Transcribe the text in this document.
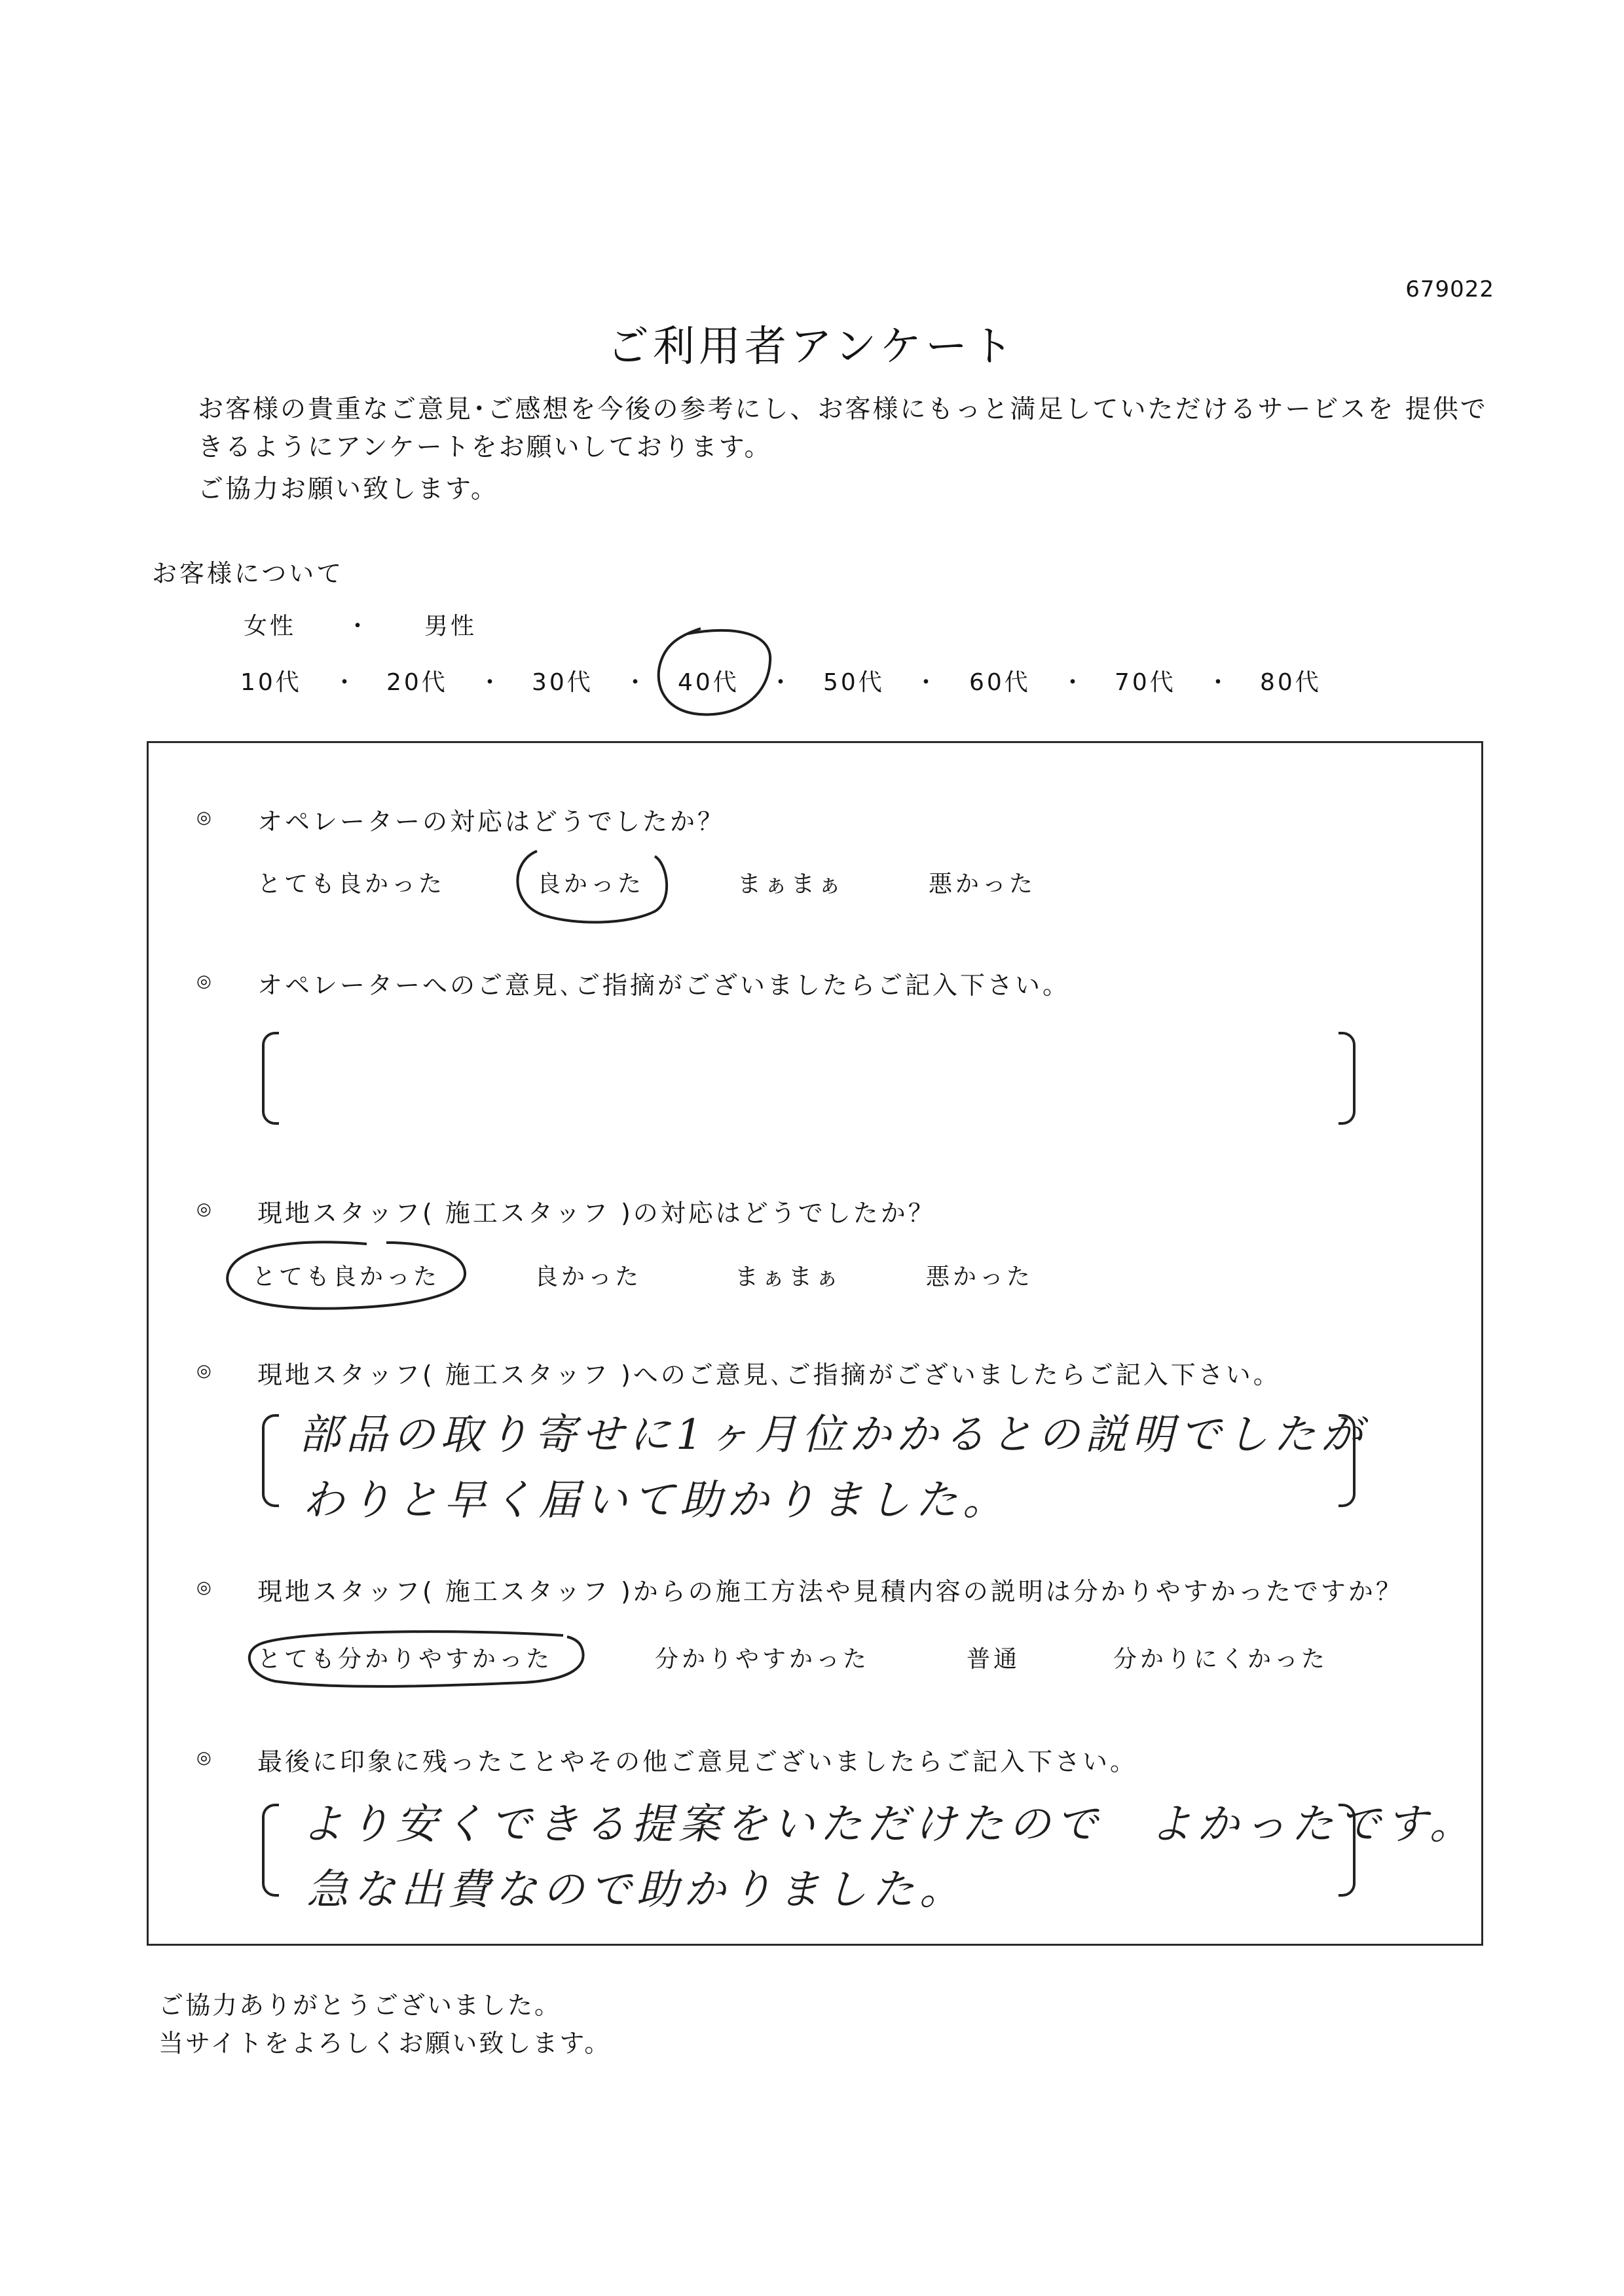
679022
ご利用者アンケート
お客様の貴重なご意見･ご感想を今後の参考にし、お客様にもっと満足していただけるサービスを 提供で
きるようにアンケートをお願いしております。
ご協力お願い致します。
お客様について
女性 ・ 男性
10代 ・ 20代 ・ 30代 ・ 40代 ・ 50代 ・ 60代 ・ 70代 ・ 80代
◎ オペレーターの対応はどうでしたか？
とても良かった	良かった	まぁまぁ	悪かった
◎ オペレーターへのご意見､ご指摘がございましたらご記入下さい。
◎ 現地スタッフ( 施工スタッフ )の対応はどうでしたか？
とても良かった	良かった	まぁまぁ	悪かった
◎ 現地スタッフ( 施工スタッフ )へのご意見､ご指摘がございましたらご記入下さい。
部品の取り寄せに1ヶ月位かかるとの説明でしたが
わりと早く届いて助かりました。
◎ 現地スタッフ( 施工スタッフ )からの施工方法や見積内容の説明は分かりやすかったですか？
とても分かりやすかった	分かりやすかった	普通	分かりにくかった
◎ 最後に印象に残ったことやその他ご意見ございましたらご記入下さい。
より安くできる提案をいただけたので　よかったです。
急な出費なので助かりました。
ご協力ありがとうございました。
当サイトをよろしくお願い致します。
